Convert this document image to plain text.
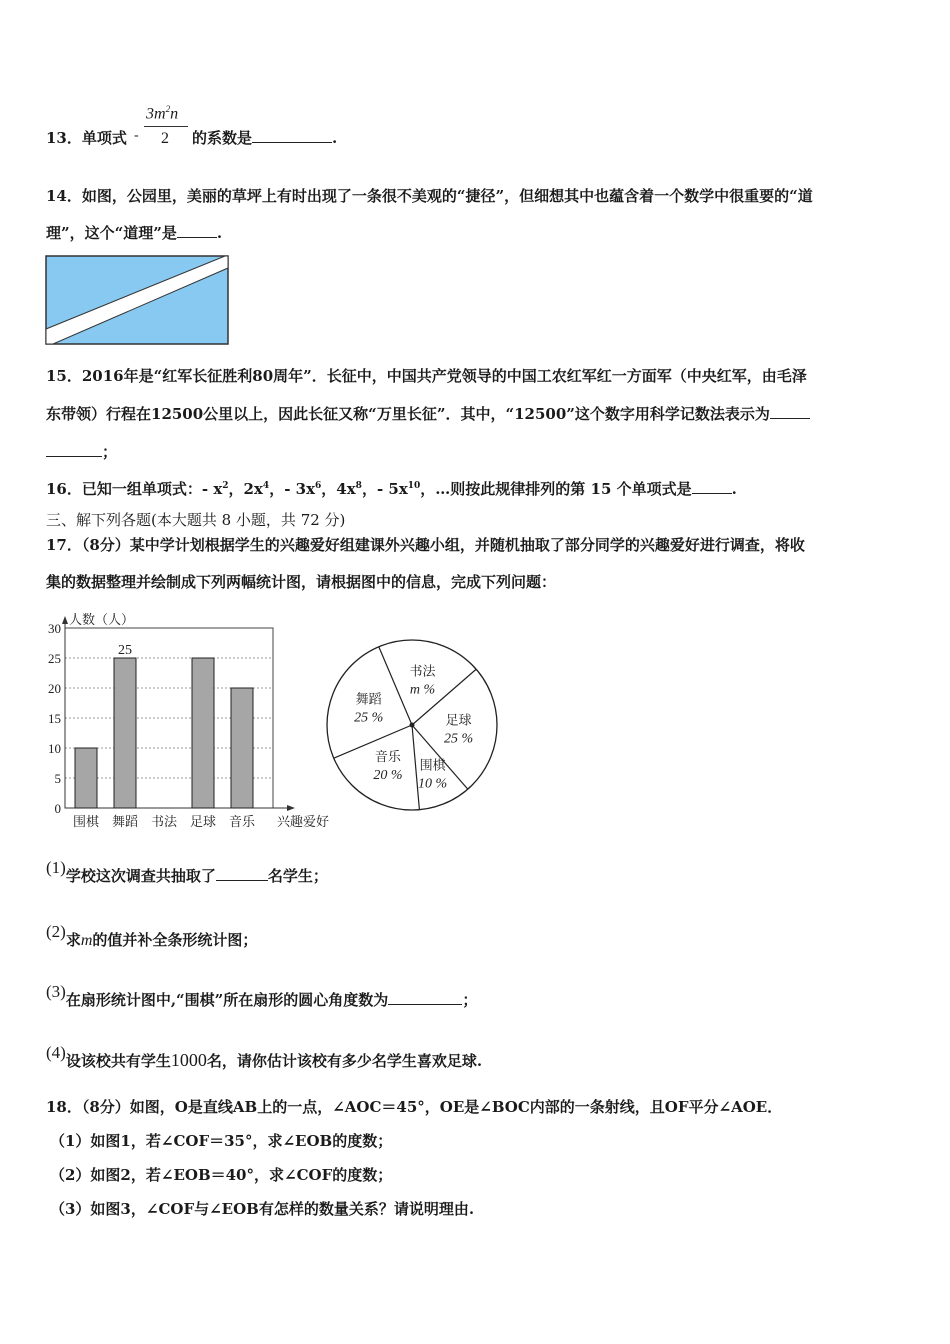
13．单项式 -
$3m^2n$
2 的系数是	.
14．如图，公园里，美丽的草坪上有时出现了一条很不美观的“捷径”，但细想其中也蕴含着一个数学中很重要的“道
理”，这个“道理”是	.
15．2016年是“红军长征胜利80周年”．长征中，中国共产党领导的中国工农红军红一方面军（中央红军，由毛泽
东带领）行程在12500公里以上，因此长征又称“万里长征”．其中，“12500”这个数字用科学记数法表示为
；
16．已知一组单项式：- $x^2$，$2x^4$，- $3x^6$，$4x^8$，- $5x^{10}$，…则按此规律排列的第 15 个单项式是	.
三、解下列各题(本大题共 8 小题，共 72 分)
17．（8分）某中学计划根据学生的兴趣爱好组建课外兴趣小组，并随机抽取了部分同学的兴趣爱好进行调查，将收
集的数据整理并绘制成下列两幅统计图，请根据图中的信息，完成下列问题：
0
5
10
15
20
25
30
人数（人）
兴趣爱好
围棋
25
舞蹈 书法 足球 音乐
书法
m %
足球
25 %
围棋
10 %
音乐
20 %
舞蹈
25 %
(1)学校这次调查共抽取了	名学生；
(2)求m的值并补全条形统计图；
(3)在扇形统计图中,“围棋”所在扇形的圆心角度数为	；
(4)设该校共有学生1000名，请你估计该校有多少名学生喜欢足球.
18．（8分）如图，O是直线AB上的一点，∠AOC＝45°，OE是∠BOC内部的一条射线，且OF平分∠AOE．
（1）如图1，若∠COF＝35°，求∠EOB的度数；
（2）如图2，若∠EOB＝40°，求∠COF的度数；
（3）如图3，∠COF与∠EOB有怎样的数量关系？请说明理由.
